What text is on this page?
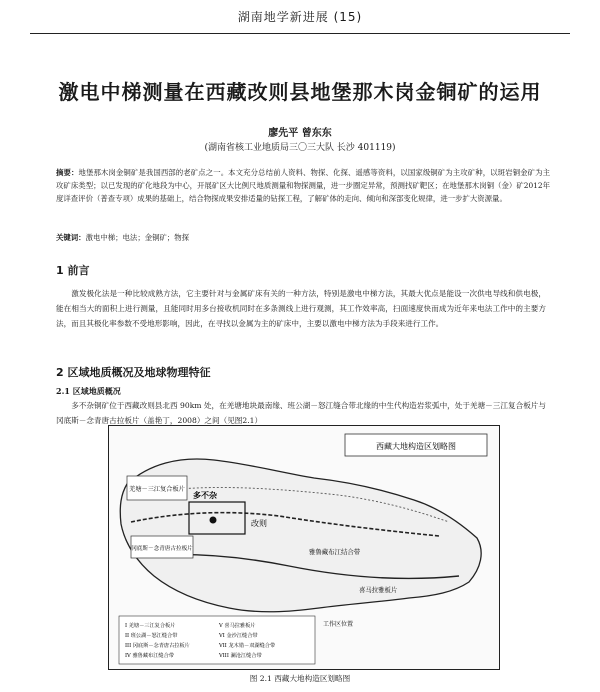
湖南地学新进展 (15)
激电中梯测量在西藏改则县地堡那木岗金铜矿的运用
廖先平 曾东东
(湖南省核工业地质局三〇三大队 长沙 401119)
摘要：地堡那木岗金铜矿是我国西部的老矿点之一。本文充分总结前人资料、物探、化探、遥感等资料，以国家级铜矿为主攻矿种，以斑岩铜金矿为主攻矿床类型；以已发现的矿化地段为中心，开展矿区大比例尺地质测量和物探测量，进一步圈定异常，预测找矿靶区；在地堡那木岗铜（金）矿2012年度详查评价（普查专项）成果的基础上，结合物探成果安排适量的钻探工程，了解矿体的走向、倾向和深部变化规律，进一步扩大资源量。
关键词：激电中梯；电法；金铜矿；物探
1 前言
激发极化法是一种比较成熟方法，它主要针对与金属矿床有关的一种方法，特别是激电中梯方法，其最大优点是能设一次供电导线和供电极，能在相当大的面积上进行测量，且能同时用多台接收机同时在多条测线上进行观测，其工作效率高，扫面速度快而成为近年来电法工作中的主要方法，而且其极化率参数不受地形影响，因此，在寻找以金属为主的矿床中，主要以激电中梯方法为手段来进行工作。
2 区域地质概况及地球物理特征
2.1 区域地质概况
多不杂铜矿位于西藏改则县北西 90km 处，在羌塘地块最南缘、班公湖－怒江缝合带北缘的中生代构造岩浆弧中，处于羌塘－三江复合板片与冈底斯－念青唐古拉板片（盖艳丁，2008）之间（见图2.1）
西藏大地构造区划略图
多不杂
改则
羌塘－三江复合板片
冈底斯－念青唐古拉板片	雅鲁藏布江结合带
喜马拉雅板片
工作区位置
I 羌塘－三江复合板片
II 班公湖－怒江缝合带
III 冈底斯－念青唐古拉板片
IV 雅鲁藏布江缝合带
V 喜马拉雅板片
VI 金沙江缝合带
VII 龙木错－双湖缝合带
VIII 澜沧江缝合带
图 2.1 西藏大地构造区划略图
